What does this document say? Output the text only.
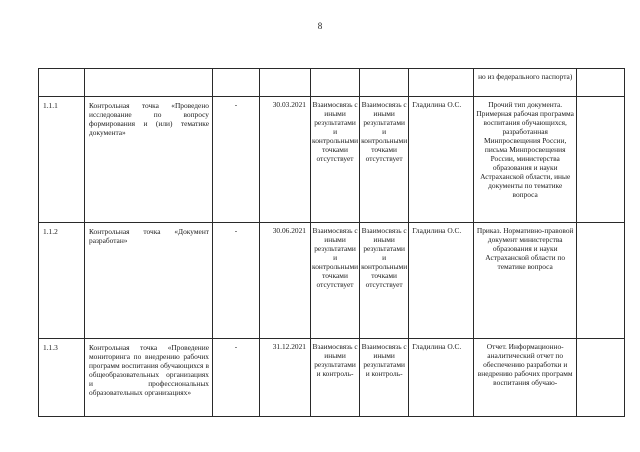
8
							но из федерального паспорта)	
1.1.1	Контрольная точка «Проведено исследование по вопросу формирования и (или) тематике документа»	-	30.03.2021	Взаимосвязь с иными результатами и контрольными точками отсутствует	Взаимосвязь с иными результатами и контрольными точками отсутствует	Гладилина О.С.	Прочий тип документа. Примерная рабочая программа воспитания обучающихся, разработанная Минпросвещения России, письма Минпросвещения России, министерства образования и науки Астраханской области, иные документы по тематике вопроса	
1.1.2	Контрольная точка «Документ разработан»	-	30.06.2021	Взаимосвязь с иными результатами и контрольными точками отсутствует	Взаимосвязь с иными результатами и контрольными точками отсутствует	Гладилина О.С.	Приказ. Нормативно-правовой документ министерства образования и науки Астраханской области по тематике вопроса	
1.1.3	Контрольная точка «Проведение мониторинга по внедрению рабочих программ воспитания обучающихся в общеобразовательных организациях и профессиональных образовательных организациях»	-	31.12.2021	Взаимосвязь с иными результатами и контроль-	Взаимосвязь с иными результатами и контроль-	Гладилина О.С.	Отчет. Информационно-аналитический отчет по обеспечению разработки и внедрению рабочих программ воспитания обучаю-	
